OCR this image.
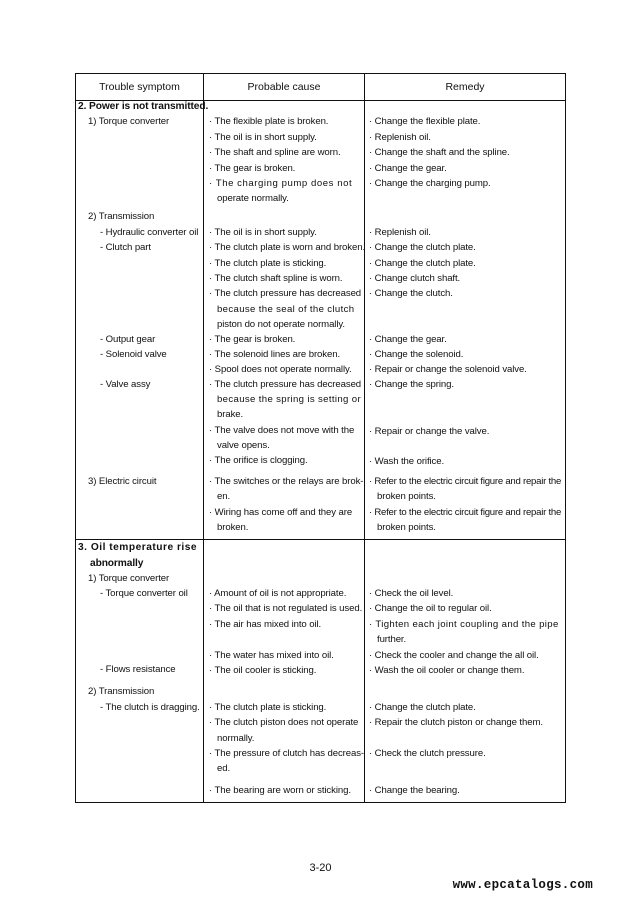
Trouble symptom	Probable cause	Remedy
2. Power is not transmitted.
1) Torque converter
2) Transmission
- Hydraulic converter oil
- Clutch part
- Output gear
- Solenoid valve
- Valve assy
3) Electric circuit
· The flexible plate is broken.
· The oil is in short supply.
· The shaft and spline are worn.
· The gear is broken.
· The charging pump does not
operate normally.
· The oil is in short supply.
· The clutch plate is worn and broken.
· The clutch plate is sticking.
· The clutch shaft spline is worn.
· The clutch pressure has decreased
because the seal of the clutch
piston do not operate normally.
· The gear is broken.
· The solenoid lines are broken.
· Spool does not operate normally.
· The clutch pressure has decreased
because the spring is setting or
brake.
· The valve does not move with the
valve opens.
· The orifice is clogging.
· The switches or the relays are brok-
en.
· Wiring has come off and they are
broken.
· Change the flexible plate.
· Replenish oil.
· Change the shaft and the spline.
· Change the gear.
· Change the charging pump.
· Replenish oil.
· Change the clutch plate.
· Change the clutch plate.
· Change clutch shaft.
· Change the clutch.
· Change the gear.
· Change the solenoid.
· Repair or change the solenoid valve.
· Change the spring.
· Repair or change the valve.
· Wash the orifice.
· Refer to the electric circuit figure and repair the
broken points.
· Refer to the electric circuit figure and repair the
broken points.
3. Oil temperature rise
abnormally
1) Torque converter
- Torque converter oil
- Flows resistance
2) Transmission
- The clutch is dragging.
· Amount of oil is not appropriate.
· The oil that is not regulated is used.
· The air has mixed into oil.
· The water has mixed into oil.
· The oil cooler is sticking.
· The clutch plate is sticking.
· The clutch piston does not operate
normally.
· The pressure of clutch has decreas-
ed.
· The bearing are worn or sticking.
· Check the oil level.
· Change the oil to regular oil.
· Tighten each joint coupling and the pipe
further.
· Check the cooler and change the all oil.
· Wash the oil cooler or change them.
· Change the clutch plate.
· Repair the clutch piston or change them.
· Check the clutch pressure.
· Change the bearing.
3-20
www.epcatalogs.com
